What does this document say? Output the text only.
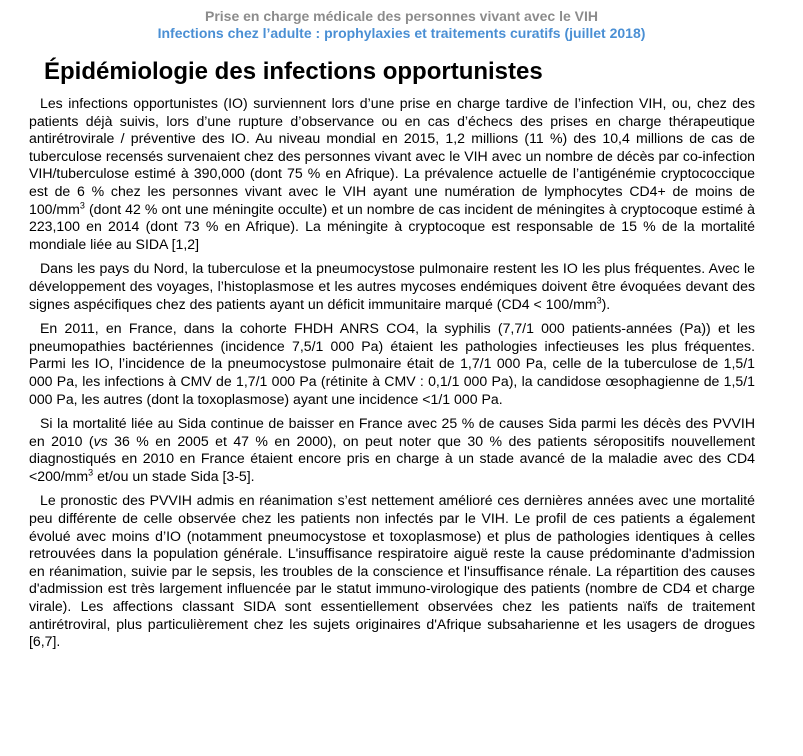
Prise en charge médicale des personnes vivant avec le VIH
Infections chez l’adulte : prophylaxies et traitements curatifs (juillet 2018)
Épidémiologie des infections opportunistes

Les infections opportunistes (IO) surviennent lors d’une prise en charge tardive de l’infection VIH, ou, chez des patients déjà suivis, lors d’une rupture d’observance ou en cas d’échecs des prises en charge thérapeutique antirétrovirale / préventive des IO. Au niveau mondial en 2015, 1,2 millions (11 %) des 10,4 millions de cas de tuberculose recensés survenaient chez des personnes vivant avec le VIH avec un nombre de décès par co-infection VIH/tuberculose estimé à 390,000 (dont 75 % en Afrique). La prévalence actuelle de l’antigénémie cryptococcique est de 6 % chez les personnes vivant avec le VIH ayant une numération de lymphocytes CD4+ de moins de $100/mm^3$ (dont 42 % ont une méningite occulte) et un nombre de cas incident de méningites à cryptocoque estimé à 223,100 en 2014 (dont 73 % en Afrique). La méningite à cryptocoque est responsable de 15 % de la mortalité mondiale liée au SIDA [1,2]

Dans les pays du Nord, la tuberculose et la pneumocystose pulmonaire restent les IO les plus fréquentes. Avec le développement des voyages, l’histoplasmose et les autres mycoses endémiques doivent être évoquées devant des signes aspécifiques chez des patients ayant un déficit immunitaire marqué $(CD4 < 100/mm^3)$.

En 2011, en France, dans la cohorte FHDH ANRS CO4, la syphilis (7,7/1 000 patients-années (Pa)) et les pneumopathies bactériennes (incidence 7,5/1 000 Pa) étaient les pathologies infectieuses les plus fréquentes. Parmi les IO, l’incidence de la pneumocystose pulmonaire était de 1,7/1 000 Pa, celle de la tuberculose de 1,5/1 000 Pa, les infections à CMV de 1,7/1 000 Pa (rétinite à CMV : 0,1/1 000 Pa), la candidose œsophagienne de 1,5/1 000 Pa, les autres (dont la toxoplasmose) ayant une incidence <1/1 000 Pa.

Si la mortalité liée au Sida continue de baisser en France avec 25 % de causes Sida parmi les décès des PVVIH en 2010 (vs 36 % en 2005 et 47 % en 2000), on peut noter que 30 % des patients séropositifs nouvellement diagnostiqués en 2010 en France étaient encore pris en charge à un stade avancé de la maladie avec des $CD4 <200/mm^3$ et/ou un stade Sida [3-5].

Le pronostic des PVVIH admis en réanimation s’est nettement amélioré ces dernières années avec une mortalité peu différente de celle observée chez les patients non infectés par le VIH. Le profil de ces patients a également évolué avec moins d’IO (notamment pneumocystose et toxoplasmose) et plus de pathologies identiques à celles retrouvées dans la population générale. L'insuffisance respiratoire aiguë reste la cause prédominante d'admission en réanimation, suivie par le sepsis, les troubles de la conscience et l'insuffisance rénale. La répartition des causes d'admission est très largement influencée par le statut immuno-virologique des patients (nombre de CD4 et charge virale). Les affections classant SIDA sont essentiellement observées chez les patients naïfs de traitement antirétroviral, plus particulièrement chez les sujets originaires d'Afrique subsaharienne et les usagers de drogues [6,7].
